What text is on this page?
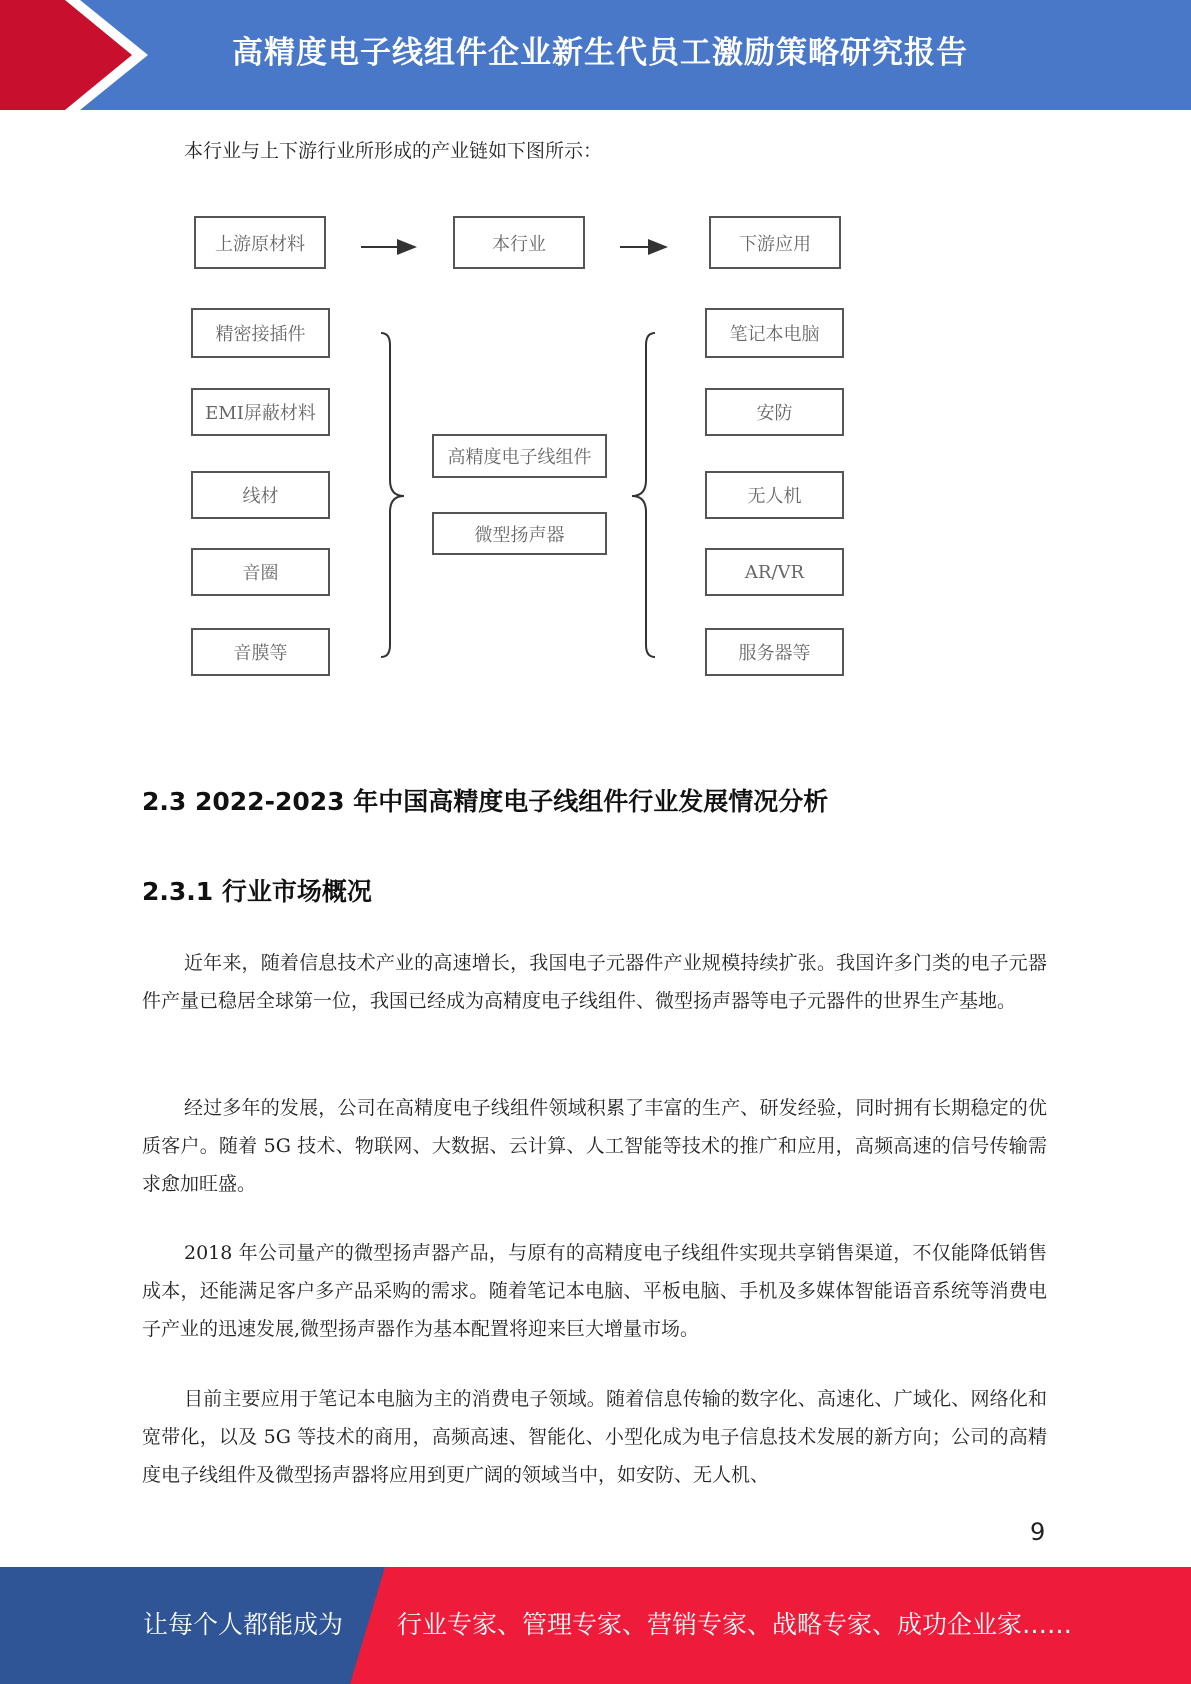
高精度电子线组件企业新生代员工激励策略研究报告
本行业与上下游行业所形成的产业链如下图所示：
上游原材料	本行业	下游应用
精密接插件
EMI屏蔽材料
线材
音圈
音膜等
高精度电子线组件
微型扬声器
笔记本电脑
安防
无人机
AR/VR
服务器等
2.3 2022-2023 年中国高精度电子线组件行业发展情况分析
2.3.1 行业市场概况
近年来，随着信息技术产业的高速增长，我国电子元器件产业规模持续扩张。我国许多门类的电子元器件产量已稳居全球第一位，我国已经成为高精度电子线组件、微型扬声器等电子元器件的世界生产基地。
经过多年的发展，公司在高精度电子线组件领域积累了丰富的生产、研发经验，同时拥有长期稳定的优质客户。随着 5G 技术、物联网、大数据、云计算、人工智能等技术的推广和应用，高频高速的信号传输需求愈加旺盛。
2018 年公司量产的微型扬声器产品，与原有的高精度电子线组件实现共享销售渠道，不仅能降低销售成本，还能满足客户多产品采购的需求。随着笔记本电脑、平板电脑、手机及多媒体智能语音系统等消费电子产业的迅速发展,微型扬声器作为基本配置将迎来巨大增量市场。
目前主要应用于笔记本电脑为主的消费电子领域。随着信息传输的数字化、高速化、广域化、网络化和宽带化，以及 5G 等技术的商用，高频高速、智能化、小型化成为电子信息技术发展的新方向；公司的高精度电子线组件及微型扬声器将应用到更广阔的领域当中，如安防、无人机、
9
让每个人都能成为 行业专家、管理专家、营销专家、战略专家、成功企业家……
